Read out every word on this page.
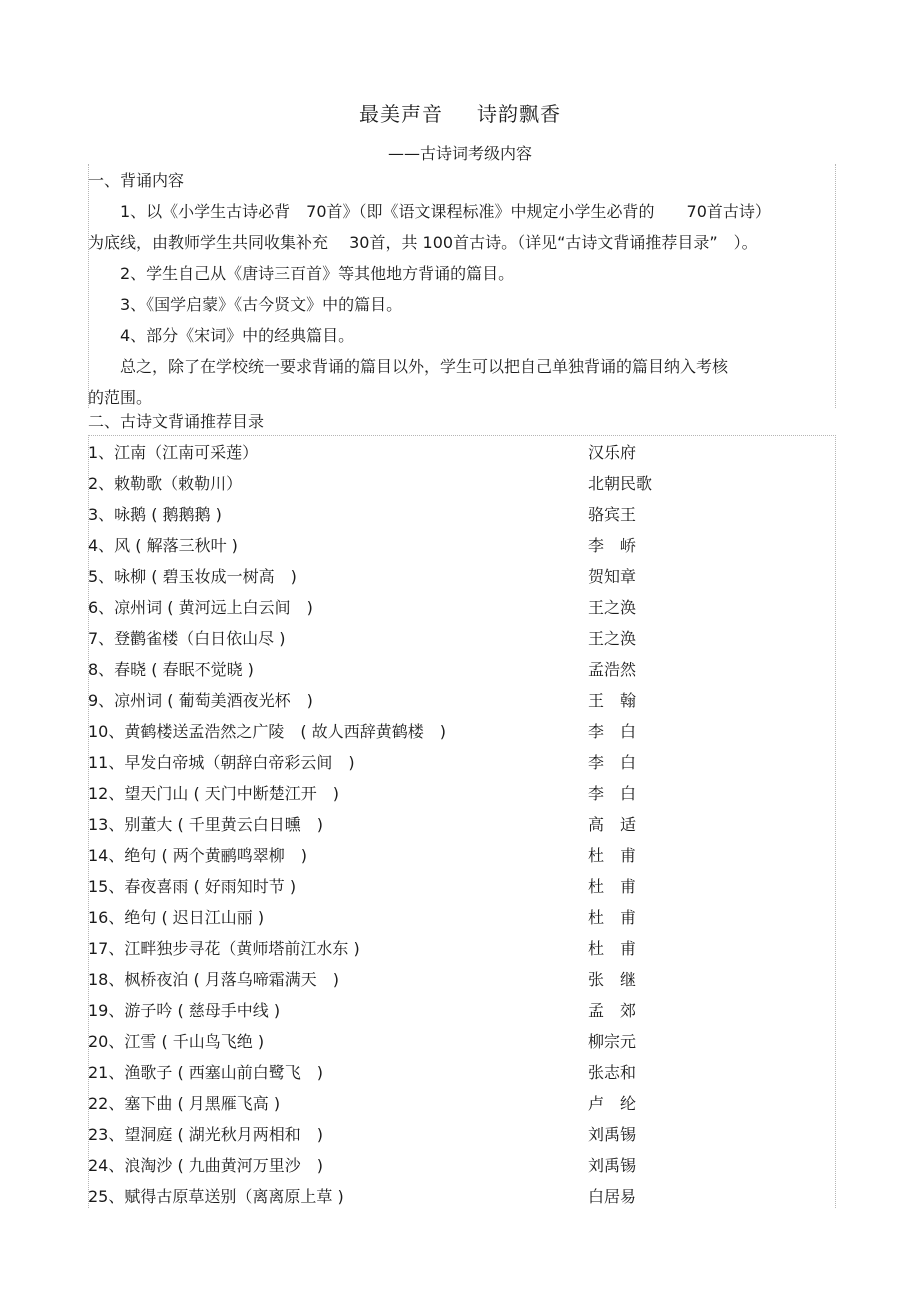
最美声音 诗韵飘香
——古诗词考级内容
一、背诵内容
1、以《小学生古诗必背　70首》（即《语文课程标准》中规定小学生必背的　　70首古诗）
为底线，由教师学生共同收集补充　 30首，共 100首古诗。（详见“古诗文背诵推荐目录”　）。
2、学生自己从《唐诗三百首》等其他地方背诵的篇目。
3、《国学启蒙》《古今贤文》中的篇目。
4、部分《宋词》中的经典篇目。
总之，除了在学校统一要求背诵的篇目以外，学生可以把自己单独背诵的篇目纳入考核
的范围。
二、古诗文背诵推荐目录
1、江南（江南可采莲）	汉乐府
2、敕勒歌（敕勒川）	北朝民歌
3、咏鹅 ( 鹅鹅鹅 )	骆宾王
4、风 ( 解落三秋叶 )	李　峤
5、咏柳 ( 碧玉妆成一树高　)	贺知章
6、凉州词 ( 黄河远上白云间　)	王之涣
7、登鹳雀楼（白日依山尽 )	王之涣
8、春晓 ( 春眠不觉晓 )	孟浩然
9、凉州词 ( 葡萄美酒夜光杯　)	王　翰
10、黄鹤楼送孟浩然之广陵　( 故人西辞黄鹤楼　)	李　白
11、早发白帝城（朝辞白帝彩云间　)	李　白
12、望天门山 ( 天门中断楚江开　)	李　白
13、别董大 ( 千里黄云白日曛　)	高　适
14、绝句 ( 两个黄鹂鸣翠柳　)	杜　甫
15、春夜喜雨 ( 好雨知时节 )	杜　甫
16、绝句 ( 迟日江山丽 )	杜　甫
17、江畔独步寻花（黄师塔前江水东 )	杜　甫
18、枫桥夜泊 ( 月落乌啼霜满天　)	张　继
19、游子吟 ( 慈母手中线 )	孟　郊
20、江雪 ( 千山鸟飞绝 )	柳宗元
21、渔歌子 ( 西塞山前白鹭飞　)	张志和
22、塞下曲 ( 月黑雁飞高 )	卢　纶
23、望洞庭 ( 湖光秋月两相和　)	刘禹锡
24、浪淘沙 ( 九曲黄河万里沙　)	刘禹锡
25、赋得古原草送别（离离原上草 )	白居易
